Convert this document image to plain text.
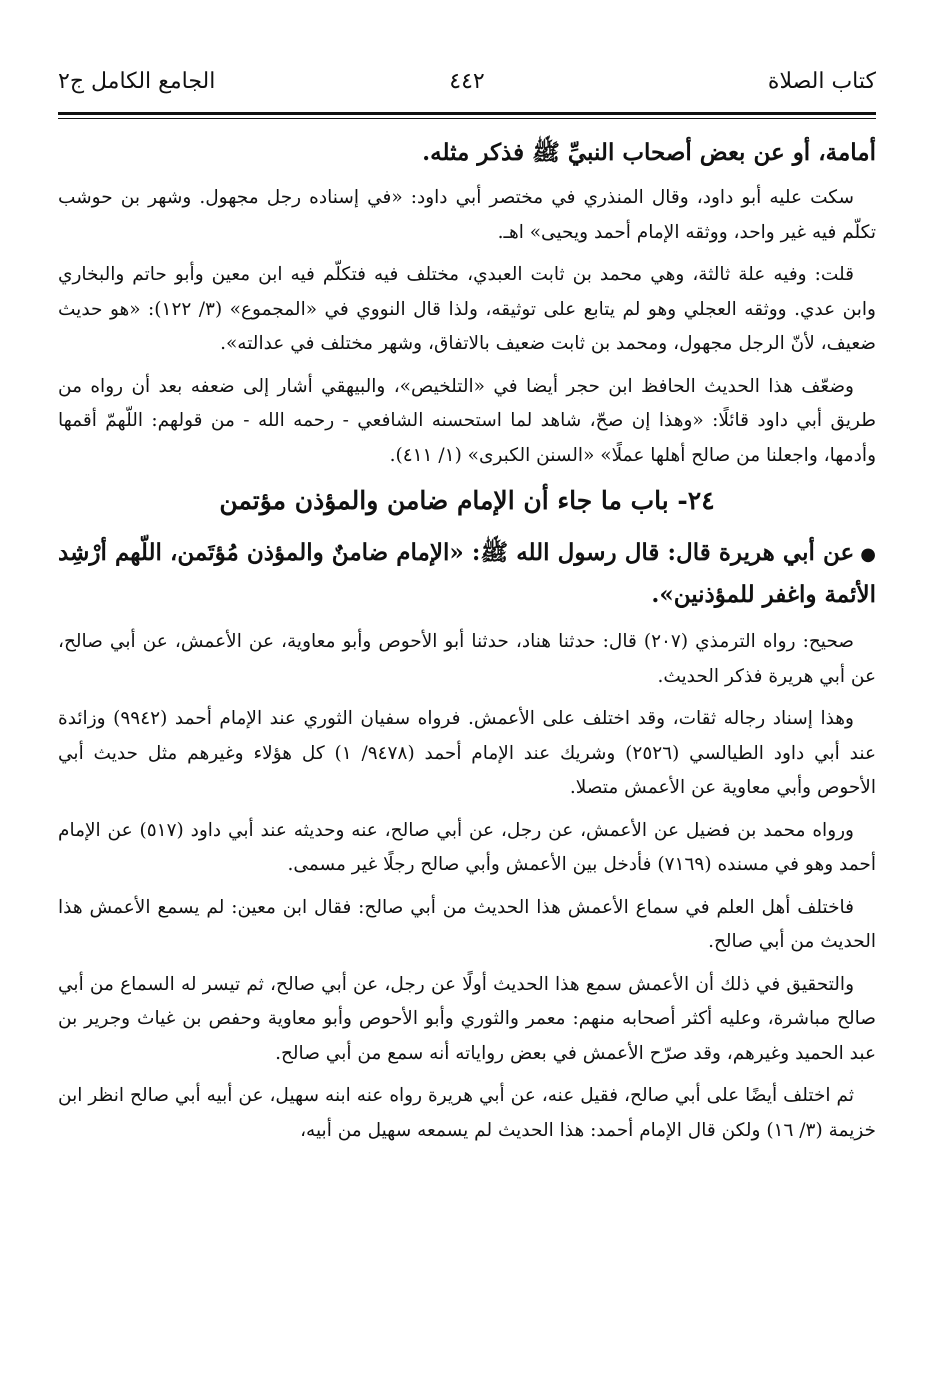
كتاب الصلاة
٤٤٢
الجامع الكامل ج٢

أمامة، أو عن بعض أصحاب النبيِّ ﷺ فذكر مثله.

سكت عليه أبو داود، وقال المنذري في مختصر أبي داود: «في إسناده رجل مجهول. وشهر بن حوشب تكلّم فيه غير واحد، ووثقه الإمام أحمد ويحيى» اهـ.

قلت: وفيه علة ثالثة، وهي محمد بن ثابت العبدي، مختلف فيه فتكلّم فيه ابن معين وأبو حاتم والبخاري وابن عدي. ووثقه العجلي وهو لم يتابع على توثيقه، ولذا قال النووي في «المجموع» (٣/ ١٢٢): «هو حديث ضعيف، لأنّ الرجل مجهول، ومحمد بن ثابت ضعيف بالاتفاق، وشهر مختلف في عدالته».

وضعّف هذا الحديث الحافظ ابن حجر أيضا في «التلخيص»، والبيهقي أشار إلى ضعفه بعد أن رواه من طريق أبي داود قائلًا: «وهذا إن صحّ، شاهد لما استحسنه الشافعي - رحمه الله - من قولهم: اللّهمّ أقمها وأدمها، واجعلنا من صالح أهلها عملًا» «السنن الكبرى» (١/ ٤١١).

٢٤- باب ما جاء أن الإمام ضامن والمؤذن مؤتمن

●عن أبي هريرة قال: قال رسول الله ﷺ: «الإمام ضامنٌ والمؤذن مُؤتَمن، اللّهم أرْشِد الأئمة واغفر للمؤذنين».

صحيح: رواه الترمذي (٢٠٧) قال: حدثنا هناد، حدثنا أبو الأحوص وأبو معاوية، عن الأعمش، عن أبي صالح، عن أبي هريرة فذكر الحديث.

وهذا إسناد رجاله ثقات، وقد اختلف على الأعمش. فرواه سفيان الثوري عند الإمام أحمد (٩٩٤٢) وزائدة عند أبي داود الطيالسي (٢٥٢٦) وشريك عند الإمام أحمد (٩٤٧٨/ ١) كل هؤلاء وغيرهم مثل حديث أبي الأحوص وأبي معاوية عن الأعمش متصلا.

ورواه محمد بن فضيل عن الأعمش، عن رجل، عن أبي صالح، عنه وحديثه عند أبي داود (٥١٧) عن الإمام أحمد وهو في مسنده (٧١٦٩) فأدخل بين الأعمش وأبي صالح رجلًا غير مسمى.

فاختلف أهل العلم في سماع الأعمش هذا الحديث من أبي صالح: فقال ابن معين: لم يسمع الأعمش هذا الحديث من أبي صالح.

والتحقيق في ذلك أن الأعمش سمع هذا الحديث أولًا عن رجل، عن أبي صالح، ثم تيسر له السماع من أبي صالح مباشرة، وعليه أكثر أصحابه منهم: معمر والثوري وأبو الأحوص وأبو معاوية وحفص بن غياث وجرير بن عبد الحميد وغيرهم، وقد صرّح الأعمش في بعض رواياته أنه سمع من أبي صالح.

ثم اختلف أيضًا على أبي صالح، فقيل عنه، عن أبي هريرة رواه عنه ابنه سهيل، عن أبيه أبي صالح انظر ابن خزيمة (٣/ ١٦) ولكن قال الإمام أحمد: هذا الحديث لم يسمعه سهيل من أبيه،
